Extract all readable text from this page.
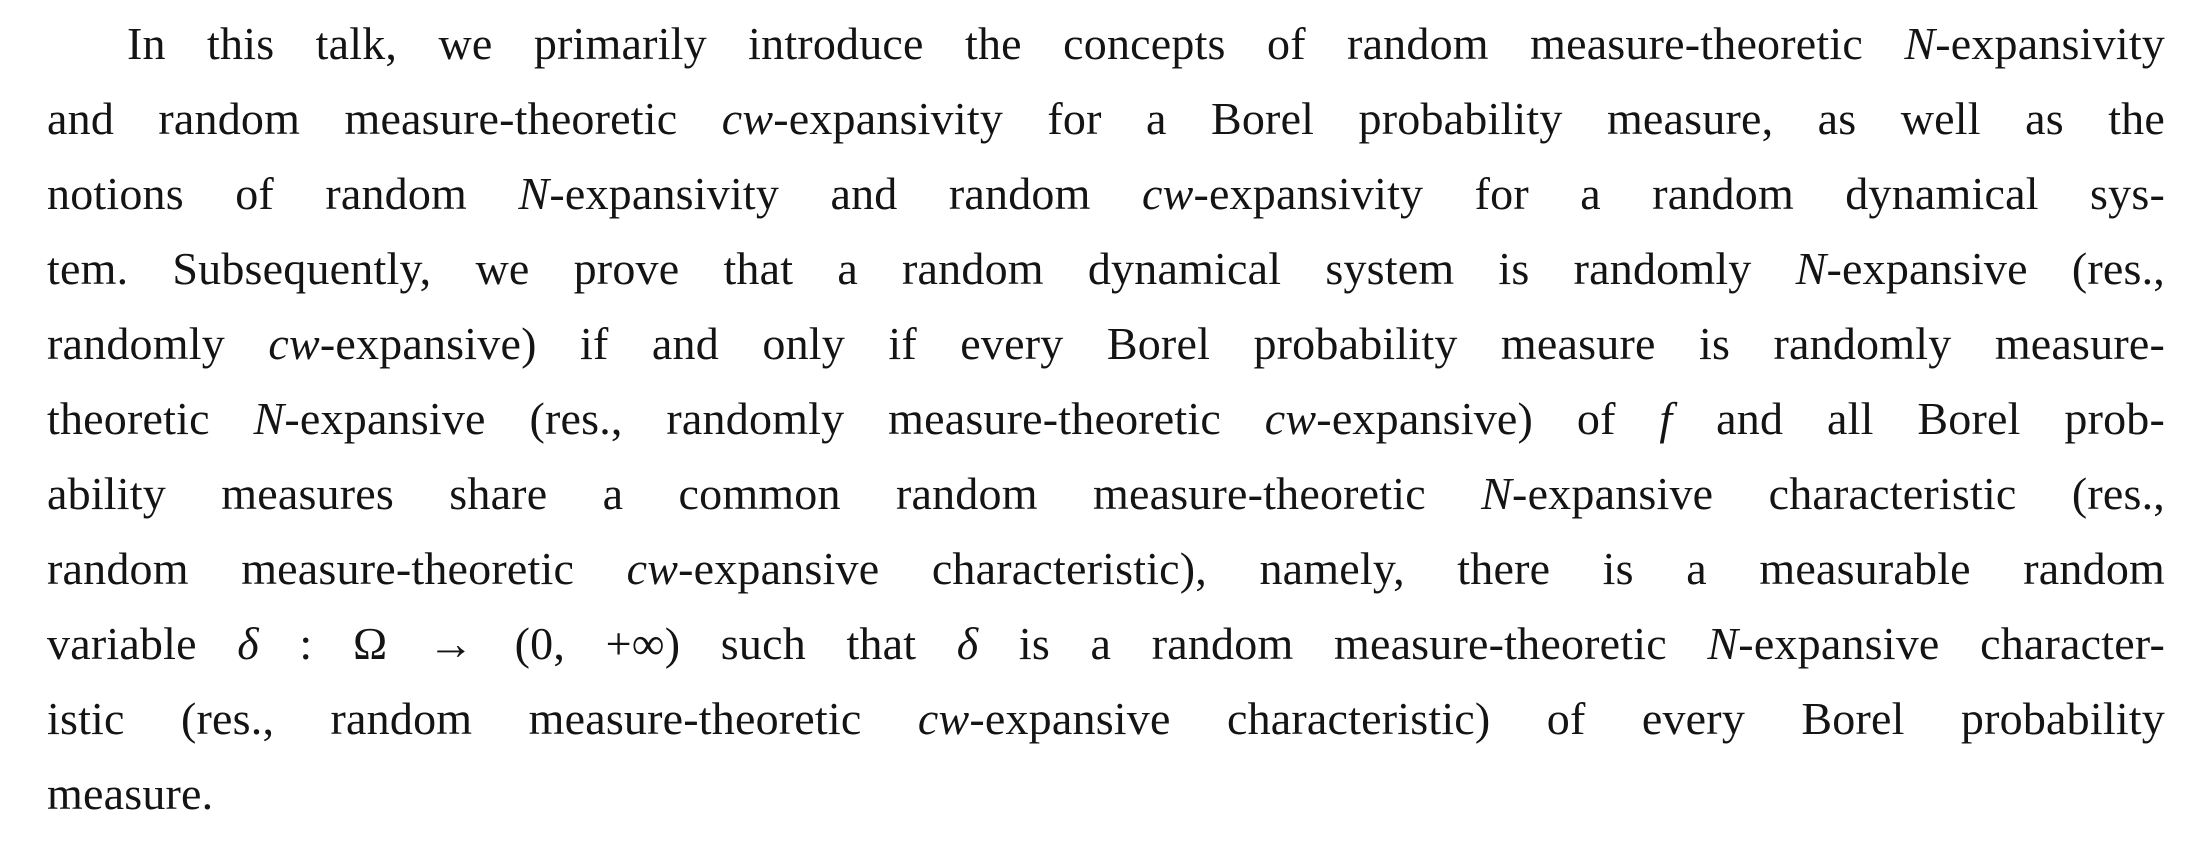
In this talk, we primarily introduce the concepts of random measure-theoretic N-expansivity
and random measure-theoretic cw-expansivity for a Borel probability measure, as well as the
notions of random N-expansivity and random cw-expansivity for a random dynamical sys-
tem. Subsequently, we prove that a random dynamical system is randomly N-expansive (res.,
randomly cw-expansive) if and only if every Borel probability measure is randomly measure-
theoretic N-expansive (res., randomly measure-theoretic cw-expansive) of f and all Borel prob-
ability measures share a common random measure-theoretic N-expansive characteristic (res.,
random measure-theoretic cw-expansive characteristic), namely, there is a measurable random
variable δ : Ω → (0, +∞) such that δ is a random measure-theoretic N-expansive character-
istic (res., random measure-theoretic cw-expansive characteristic) of every Borel probability
measure.
